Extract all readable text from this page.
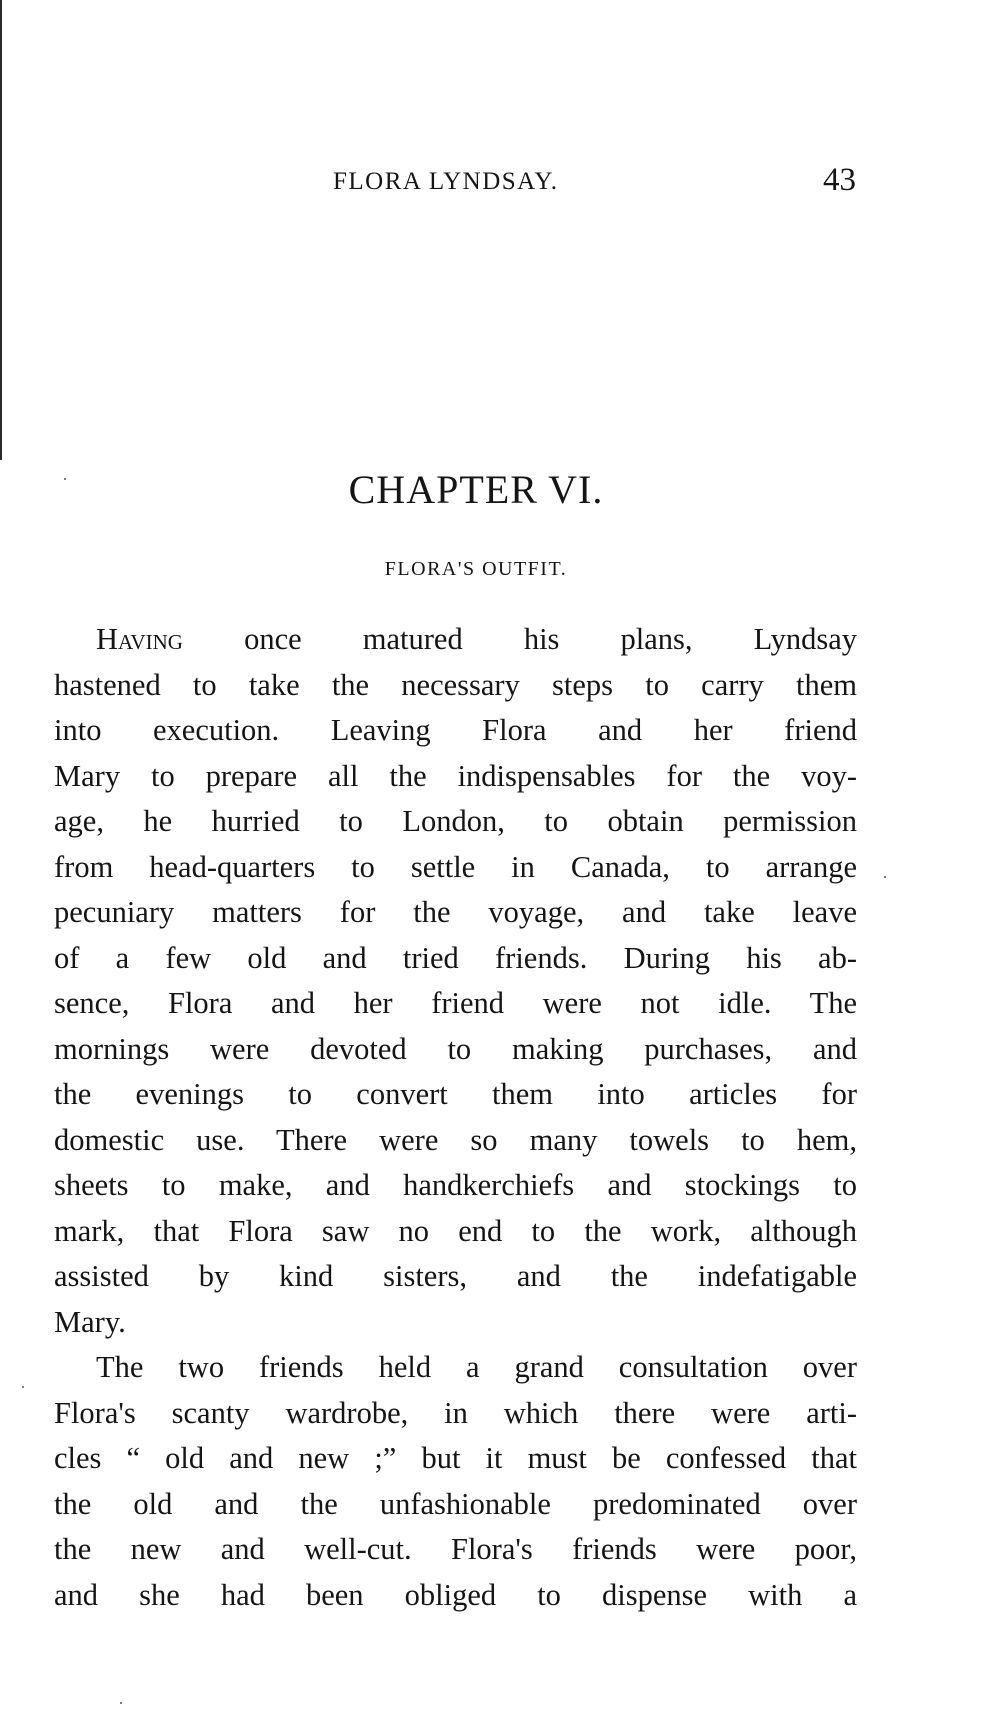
FLORA LYNDSAY.	43
CHAPTER VI.
FLORA'S OUTFIT.
Having once matured his plans, Lyndsay
hastened to take the necessary steps to carry them
into execution. Leaving Flora and her friend
Mary to prepare all the indispensables for the voy-
age, he hurried to London, to obtain permission
from head-quarters to settle in Canada, to arrange
pecuniary matters for the voyage, and take leave
of a few old and tried friends. During his ab-
sence, Flora and her friend were not idle. The
mornings were devoted to making purchases, and
the evenings to convert them into articles for
domestic use. There were so many towels to hem,
sheets to make, and handkerchiefs and stockings to
mark, that Flora saw no end to the work, although
assisted by kind sisters, and the indefatigable
Mary.
The two friends held a grand consultation over
Flora's scanty wardrobe, in which there were arti-
cles “ old and new ;” but it must be confessed that
the old and the unfashionable predominated over
the new and well-cut. Flora's friends were poor,
and she had been obliged to dispense with a
